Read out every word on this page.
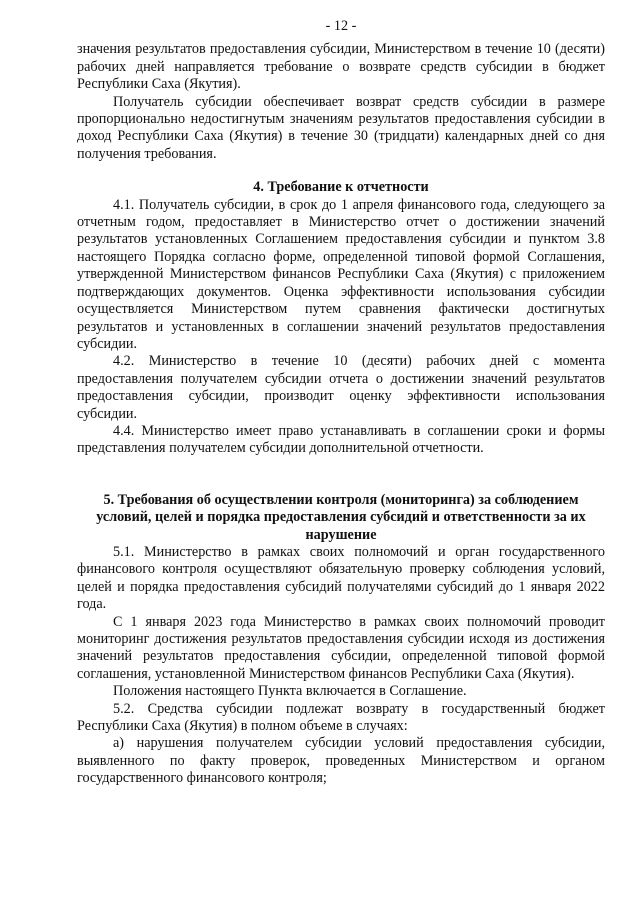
- 12 -

значения результатов предоставления субсидии, Министерством в течение 10 (десяти) рабочих дней направляется требование о возврате средств субсидии в бюджет Республики Саха (Якутия).

Получатель субсидии обеспечивает возврат средств субсидии в размере пропорционально недостигнутым значениям результатов предоставления субсидии в доход Республики Саха (Якутия) в течение 30 (тридцати) календарных дней со дня получения требования.

4. Требование к отчетности

4.1. Получатель субсидии, в срок до 1 апреля финансового года, следующего за отчетным годом, предоставляет в Министерство отчет о достижении значений результатов установленных Соглашением предоставления субсидии и пунктом 3.8 настоящего Порядка согласно форме, определенной типовой формой Соглашения, утвержденной Министерством финансов Республики Саха (Якутия) с приложением подтверждающих документов. Оценка эффективности использования субсидии осуществляется Министерством путем сравнения фактически достигнутых результатов и установленных в соглашении значений результатов предоставления субсидии.

4.2. Министерство в течение 10 (десяти) рабочих дней с момента предоставления получателем субсидии отчета о достижении значений результатов предоставления субсидии, производит оценку эффективности использования субсидии.

4.4. Министерство имеет право устанавливать в соглашении сроки и формы представления получателем субсидии дополнительной отчетности.

5. Требования об осуществлении контроля (мониторинга) за соблюдением условий, целей и порядка предоставления субсидий и ответственности за их нарушение

5.1. Министерство в рамках своих полномочий и орган государственного финансового контроля осуществляют обязательную проверку соблюдения условий, целей и порядка предоставления субсидий получателями субсидий до 1 января 2022 года.

С 1 января 2023 года Министерство в рамках своих полномочий проводит мониторинг достижения результатов предоставления субсидии исходя из достижения значений результатов предоставления субсидии, определенной типовой формой соглашения, установленной Министерством финансов Республики Саха (Якутия).

Положения настоящего Пункта включается в Соглашение.

5.2. Средства субсидии подлежат возврату в государственный бюджет Республики Саха (Якутия) в полном объеме в случаях:

а) нарушения получателем субсидии условий предоставления субсидии, выявленного по факту проверок, проведенных Министерством и органом государственного финансового контроля;
